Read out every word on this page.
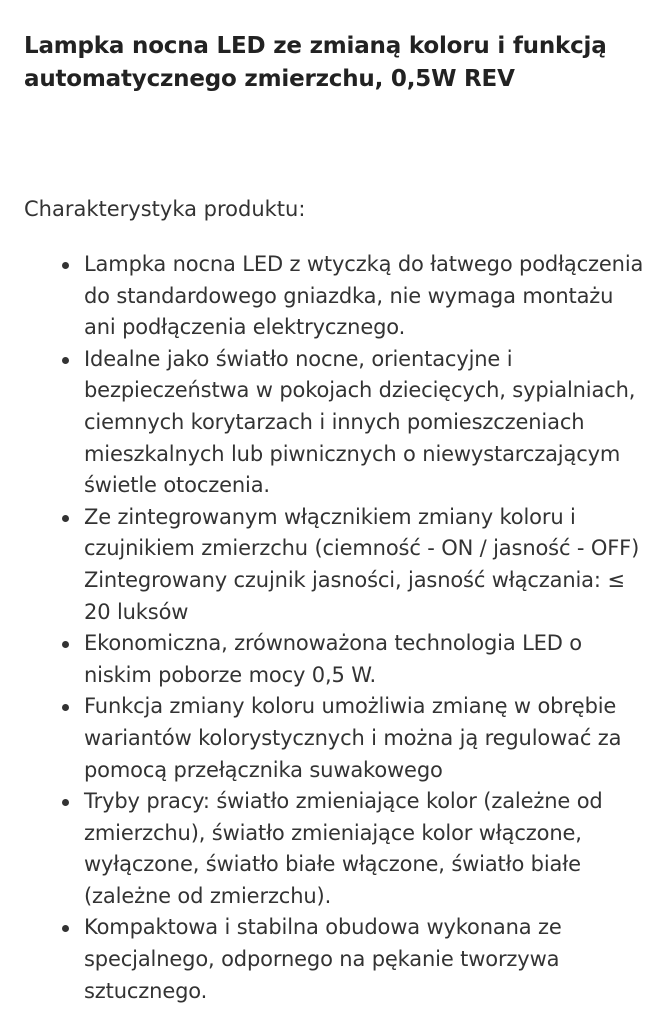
Lampka nocna LED ze zmianą koloru i funkcją automatycznego zmierzchu, 0,5W REV

Charakterystyka produktu:

Lampka nocna LED z wtyczką do łatwego podłączenia do standardowego gniazdka, nie wymaga montażu ani podłączenia elektrycznego.
Idealne jako światło nocne, orientacyjne i bezpieczeństwa w pokojach dziecięcych, sypialniach, ciemnych korytarzach i innych pomieszczeniach mieszkalnych lub piwnicznych o niewystarczającym świetle otoczenia.
Ze zintegrowanym włącznikiem zmiany koloru i czujnikiem zmierzchu (ciemność - ON / jasność - OFF) Zintegrowany czujnik jasności, jasność włączania: ≤ 20 luksów
Ekonomiczna, zrównoważona technologia LED o niskim poborze mocy 0,5 W.
Funkcja zmiany koloru umożliwia zmianę w obrębie wariantów kolorystycznych i można ją regulować za pomocą przełącznika suwakowego
Tryby pracy: światło zmieniające kolor (zależne od zmierzchu), światło zmieniające kolor włączone, wyłączone, światło białe włączone, światło białe (zależne od zmierzchu).
Kompaktowa i stabilna obudowa wykonana ze specjalnego, odpornego na pękanie tworzywa sztucznego.
